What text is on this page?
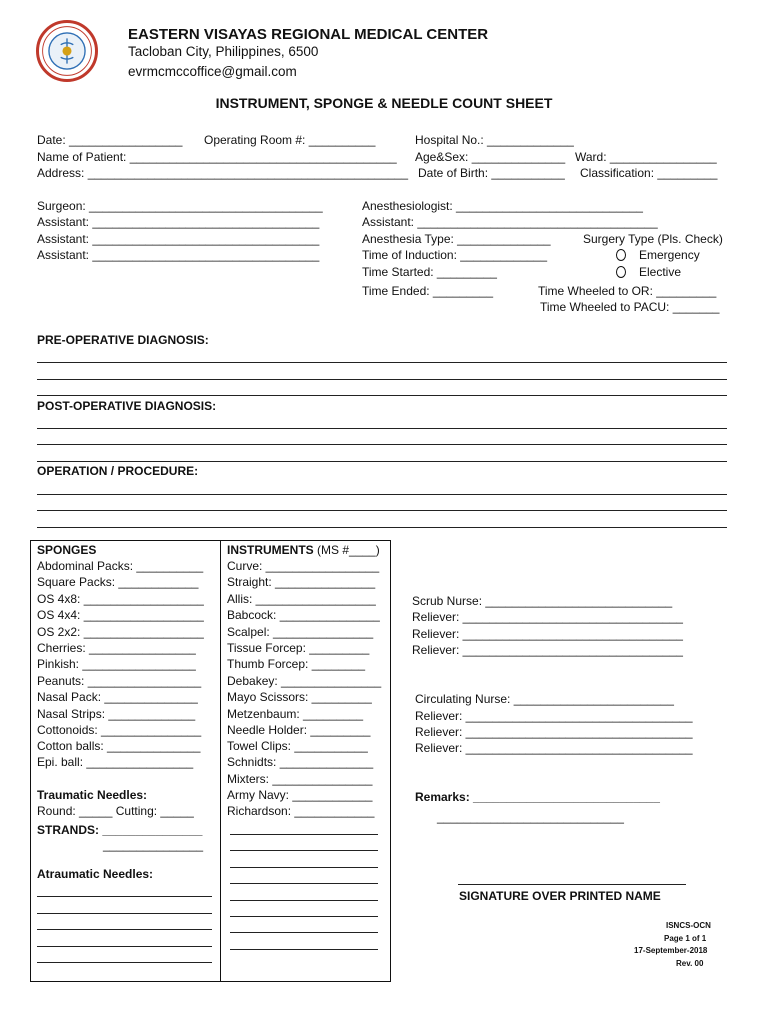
EASTERN VISAYAS REGIONAL MEDICAL CENTER
Tacloban City, Philippines, 6500
evrmcmccoffice@gmail.com
INSTRUMENT, SPONGE & NEEDLE COUNT SHEET
Date: _________________ Operating Room #: __________	Hospital No.: _____________
Name of Patient: ________________________________________ Age&Sex: ______________ Ward: ________________
Address: ________________________________________________ Date of Birth: ___________ Classification: _________
Surgeon: ___________________________________
Assistant: __________________________________
Assistant: __________________________________
Assistant: __________________________________
Anesthesiologist: ____________________________
Assistant: ____________________________________
Anesthesia Type: ______________	Surgery Type (Pls. Check)
Time of Induction: _____________	Emergency
Time Started: _________	Elective
Time Ended: _________	Time Wheeled to OR: _________
Time Wheeled to PACU: _______
PRE-OPERATIVE DIAGNOSIS:
POST-OPERATIVE DIAGNOSIS:
OPERATION / PROCEDURE:
SPONGES
Abdominal Packs: __________
Square Packs: ____________
OS 4x8: __________________
OS 4x4: __________________
OS 2x2: __________________
Cherries: ________________
Pinkish: _________________
Peanuts: _________________
Nasal Pack: ______________
Nasal Strips: _____________
Cottonoids: _______________
Cotton balls: ______________
Epi. ball: ________________
Traumatic Needles:
Round: _____ Cutting: _____
STRANDS: _______________
_______________
Atraumatic Needles:
INSTRUMENTS (MS #____)
Curve: _________________
Straight: _______________
Allis: __________________
Babcock: _______________
Scalpel: _______________
Tissue Forcep: _________
Thumb Forcep: ________
Debakey: _______________
Mayo Scissors: _________
Metzenbaum: _________
Needle Holder: _________
Towel Clips: ___________
Schnidts: ______________
Mixters: _______________
Army Navy: ____________
Richardson: ____________
Scrub Nurse: ____________________________
Reliever: _________________________________
Reliever: _________________________________
Reliever: _________________________________
Circulating Nurse: ________________________
Reliever: __________________________________
Reliever: __________________________________
Reliever: __________________________________
Remarks: ____________________________
____________________________
SIGNATURE OVER PRINTED NAME
ISNCS-OCN
Page 1 of 1
17-September-2018
Rev. 00
